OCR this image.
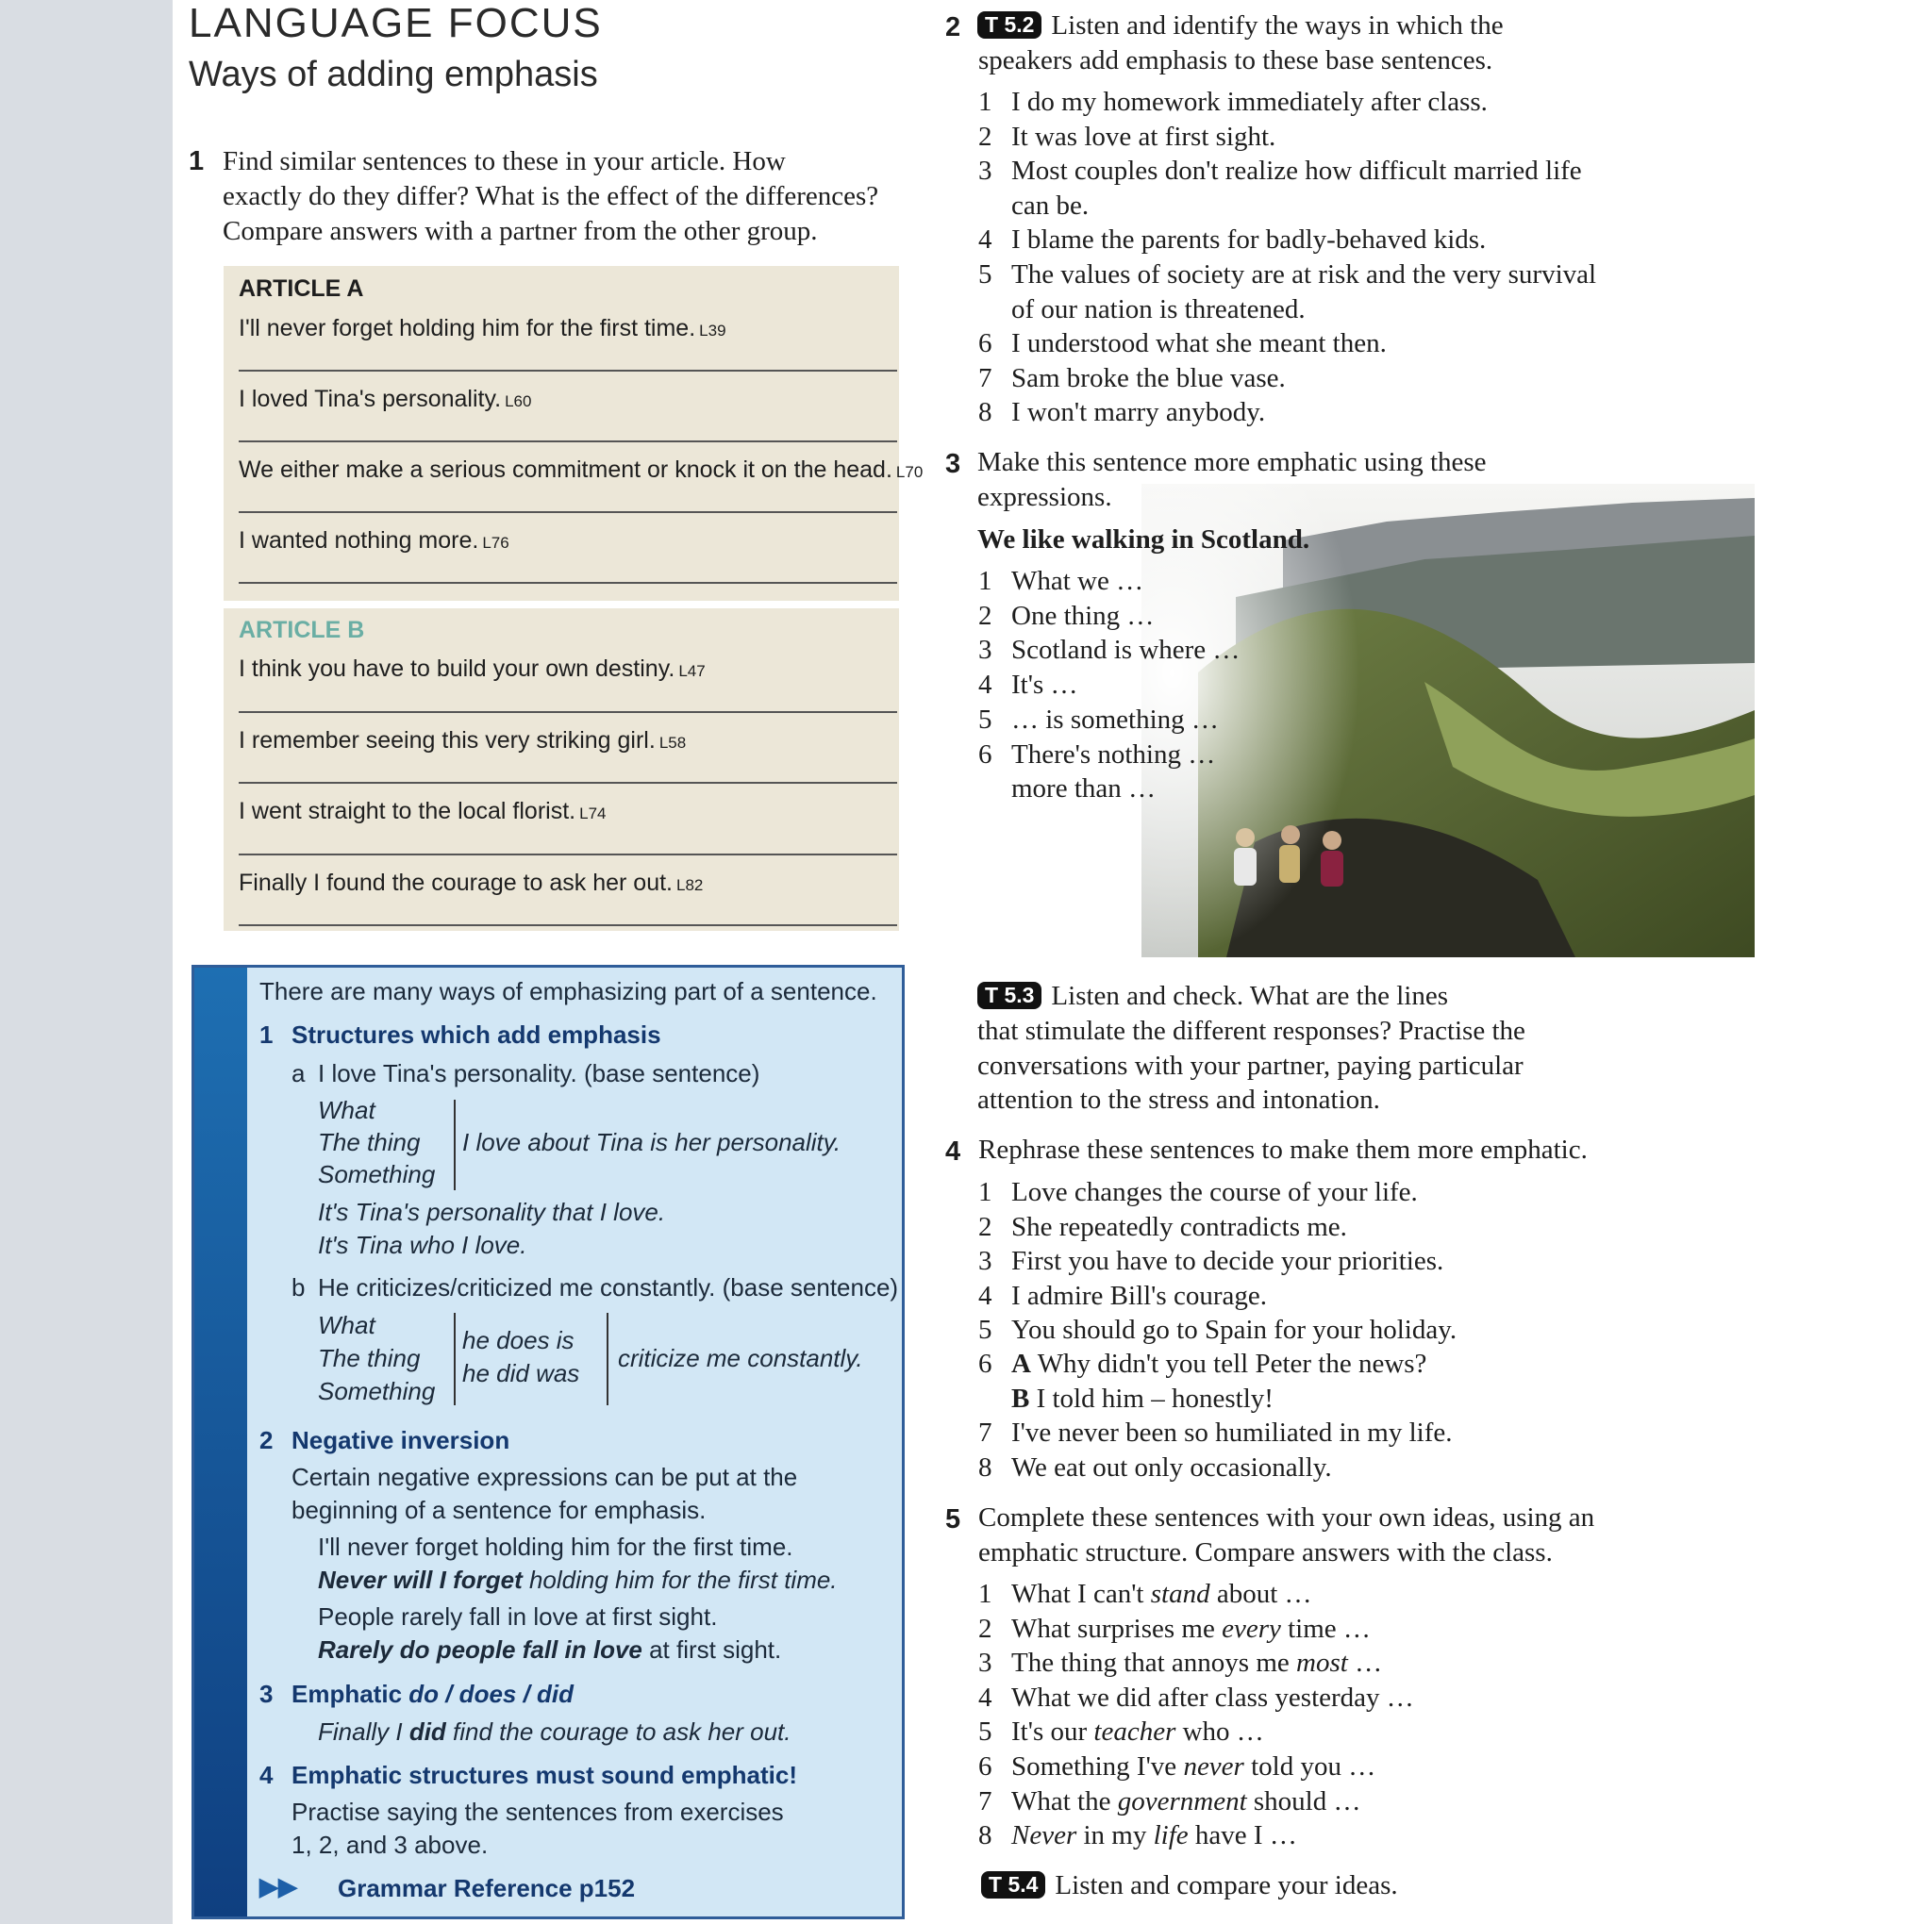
LANGUAGE FOCUS
Ways of adding emphasis
1 Find similar sentences to these in your article. How
exactly do they differ? What is the effect of the differences?
Compare answers with a partner from the other group.
ARTICLE A
I'll never forget holding him for the first time. L39
I loved Tina's personality. L60
We either make a serious commitment or knock it on the head. L70
I wanted nothing more. L76
ARTICLE B
I think you have to build your own destiny. L47
I remember seeing this very striking girl. L58
I went straight to the local florist. L74
Finally I found the courage to ask her out. L82
There are many ways of emphasizing part of a sentence.
1 Structures which add emphasis
a I love Tina's personality. (base sentence)
What
The thing
Something
I love about Tina is her personality.
It's Tina's personality that I love.
It's Tina who I love.
b He criticizes/criticized me constantly. (base sentence)
What
The thing
Something
he does is
he did was
criticize me constantly.
2 Negative inversion
Certain negative expressions can be put at the
beginning of a sentence for emphasis.
I'll never forget holding him for the first time.
Never will I forget holding him for the first time.
People rarely fall in love at first sight.
Rarely do people fall in love at first sight.
3 Emphatic do / does / did
Finally I did find the courage to ask her out.
4 Emphatic structures must sound emphatic!
Practise saying the sentences from exercises
1, 2, and 3 above.
▶▶ Grammar Reference p152
2	T 5.2 Listen and identify the ways in which the
speakers add emphasis to these base sentences.
1 I do my homework immediately after class.
2 It was love at first sight.
3 Most couples don't realize how difficult married life
can be.
4 I blame the parents for badly-behaved kids.
5 The values of society are at risk and the very survival
of our nation is threatened.
6 I understood what she meant then.
7 Sam broke the blue vase.
8 I won't marry anybody.
3 Make this sentence more emphatic using these
expressions.
We like walking in Scotland.
1 What we …
2 One thing …
3 Scotland is where …
4 It's …
5 … is something …
6 There's nothing …
more than …
T 5.3 Listen and check. What are the lines
that stimulate the different responses? Practise the
conversations with your partner, paying particular
attention to the stress and intonation.
4 Rephrase these sentences to make them more emphatic.
1 Love changes the course of your life.
2 She repeatedly contradicts me.
3 First you have to decide your priorities.
4 I admire Bill's courage.
5 You should go to Spain for your holiday.
6 A Why didn't you tell Peter the news?
B I told him – honestly!
7 I've never been so humiliated in my life.
8 We eat out only occasionally.
5 Complete these sentences with your own ideas, using an
emphatic structure. Compare answers with the class.
1 What I can't stand about …
2 What surprises me every time …
3 The thing that annoys me most …
4 What we did after class yesterday …
5 It's our teacher who …
6 Something I've never told you …
7 What the government should …
8 Never in my life have I …
T 5.4 Listen and compare your ideas.
